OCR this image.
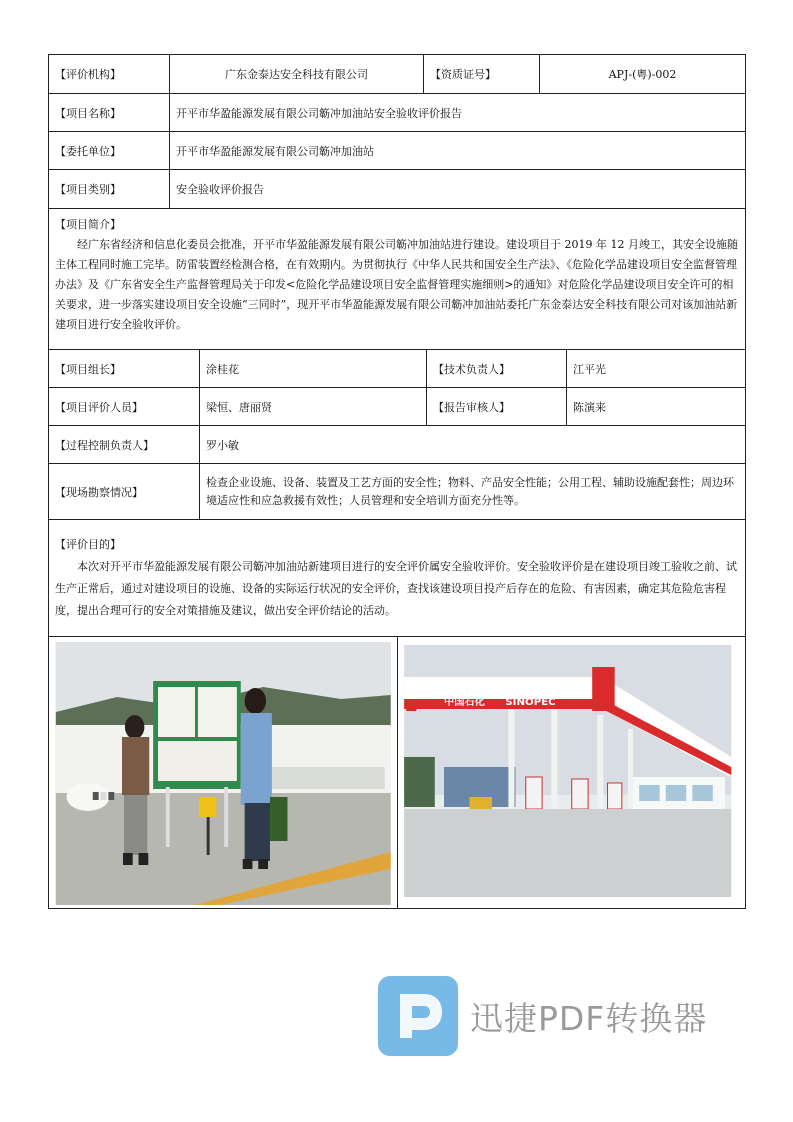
【评价机构】	广东金泰达安全科技有限公司	【资质证号】	APJ-(粤)-002
【项目名称】	开平市华盈能源发展有限公司簕冲加油站安全验收评价报告
【委托单位】	开平市华盈能源发展有限公司簕冲加油站
【项目类别】	安全验收评价报告
【项目简介】
经广东省经济和信息化委员会批准，开平市华盈能源发展有限公司簕冲加油站进行建设。建设项目于 2019 年 12 月竣工，其安全设施随主体工程同时施工完毕。防雷装置经检测合格，在有效期内。为贯彻执行《中华人民共和国安全生产法》、《危险化学品建设项目安全监督管理办法》及《广东省安全生产监督管理局关于印发<危险化学品建设项目安全监督管理实施细则>的通知》对危险化学品建设项目安全许可的相关要求，进一步落实建设项目安全设施“三同时”，现开平市华盈能源发展有限公司簕冲加油站委托广东金泰达安全科技有限公司对该加油站新建项目进行安全验收评价。
【项目组长】	涂桂花	【技术负责人】	江平光
【项目评价人员】	梁恒、唐丽贤	【报告审核人】	陈演来
【过程控制负责人】	罗小敏
【现场勘察情况】
检查企业设施、设备、装置及工艺方面的安全性；物料、产品安全性能；公用工程、辅助设施配套性；周边环境适应性和应急救援有效性；人员管理和安全培训方面充分性等。
【评价目的】
本次对开平市华盈能源发展有限公司簕冲加油站新建项目进行的安全评价属安全验收评价。安全验收评价是在建设项目竣工验收之前、试生产正常后，通过对建设项目的设施、设备的实际运行状况的安全评价，查找该建设项目投产后存在的危险、有害因素，确定其危险危害程度，提出合理可行的安全对策措施及建议，做出安全评价结论的活动。
中国石化 SINOPEC
迅捷PDF转换器
